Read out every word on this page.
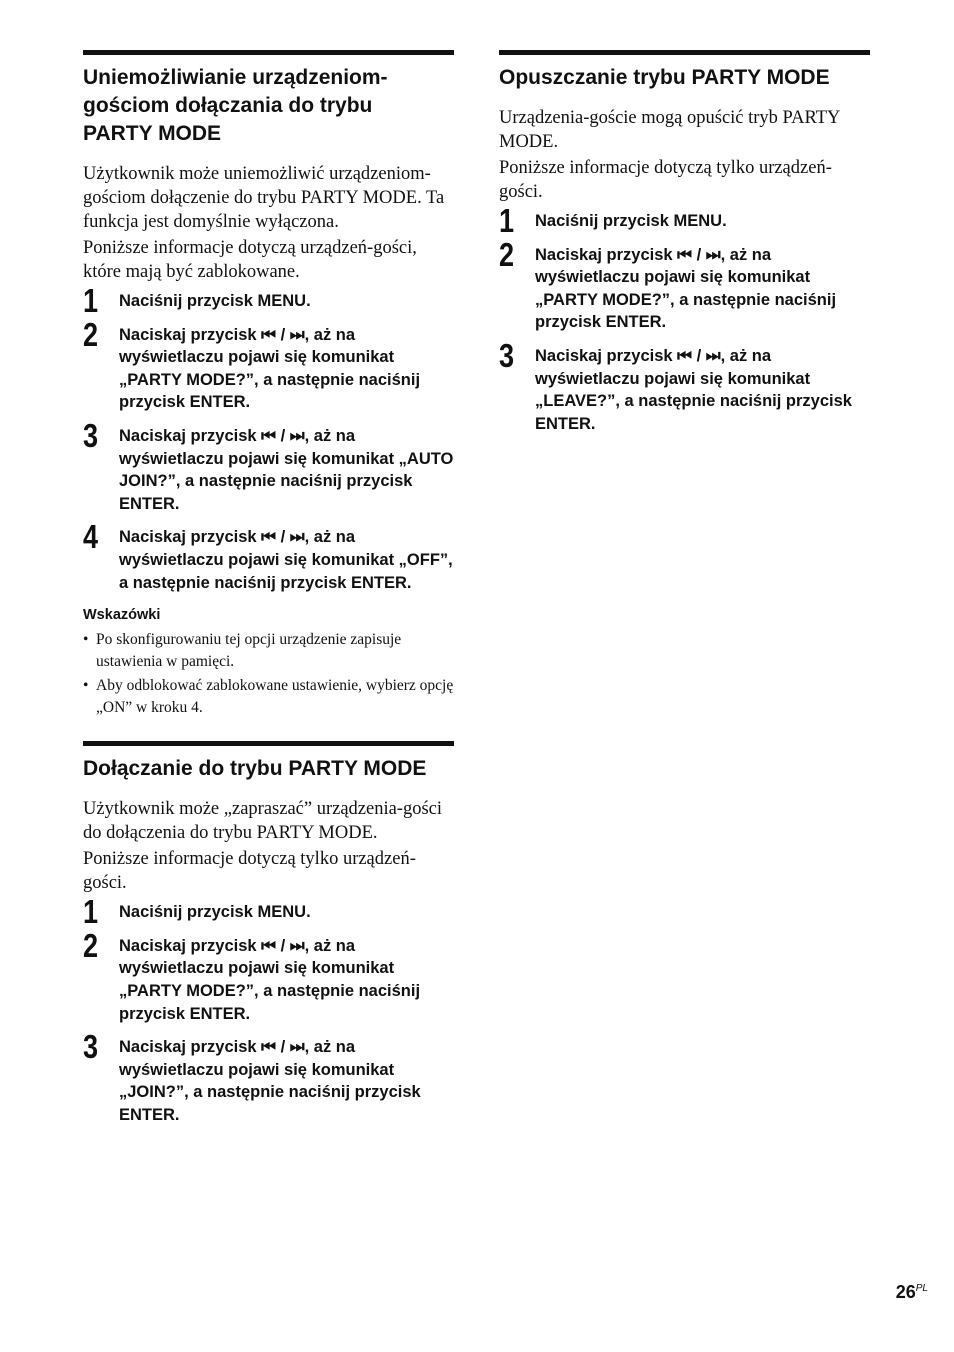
Uniemożliwianie urządzeniom-
gościom dołączania do trybu
PARTY MODE

Użytkownik może uniemożliwić urządzeniom-gościom dołączenie do trybu PARTY MODE. Ta funkcja jest domyślnie wyłączona.

Poniższe informacje dotyczą urządzeń-gości, które mają być zablokowane.

1 Naciśnij przycisk MENU.
2 Naciskaj przycisk ⏮ / ⏭, aż na wyświetlaczu pojawi się komunikat „PARTY MODE?”, a następnie naciśnij przycisk ENTER.
3 Naciskaj przycisk ⏮ / ⏭, aż na wyświetlaczu pojawi się komunikat „AUTO JOIN?”, a następnie naciśnij przycisk ENTER.
4 Naciskaj przycisk ⏮ / ⏭, aż na wyświetlaczu pojawi się komunikat „OFF”, a następnie naciśnij przycisk ENTER.
Wskazówki
• Po skonfigurowaniu tej opcji urządzenie zapisuje ustawienia w pamięci.
• Aby odblokować zablokowane ustawienie, wybierz opcję „ON” w kroku 4.
Dołączanie do trybu PARTY MODE

Użytkownik może „zapraszać” urządzenia-gości do dołączenia do trybu PARTY MODE.

Poniższe informacje dotyczą tylko urządzeń-gości.

1 Naciśnij przycisk MENU.
2 Naciskaj przycisk ⏮ / ⏭, aż na wyświetlaczu pojawi się komunikat „PARTY MODE?”, a następnie naciśnij przycisk ENTER.
3 Naciskaj przycisk ⏮ / ⏭, aż na wyświetlaczu pojawi się komunikat „JOIN?”, a następnie naciśnij przycisk ENTER.
Opuszczanie trybu PARTY MODE

Urządzenia-goście mogą opuścić tryb PARTY MODE.

Poniższe informacje dotyczą tylko urządzeń-gości.

1 Naciśnij przycisk MENU.
2 Naciskaj przycisk ⏮ / ⏭, aż na wyświetlaczu pojawi się komunikat „PARTY MODE?”, a następnie naciśnij przycisk ENTER.
3 Naciskaj przycisk ⏮ / ⏭, aż na wyświetlaczu pojawi się komunikat „LEAVE?”, a następnie naciśnij przycisk ENTER.
$26^{PL}$
